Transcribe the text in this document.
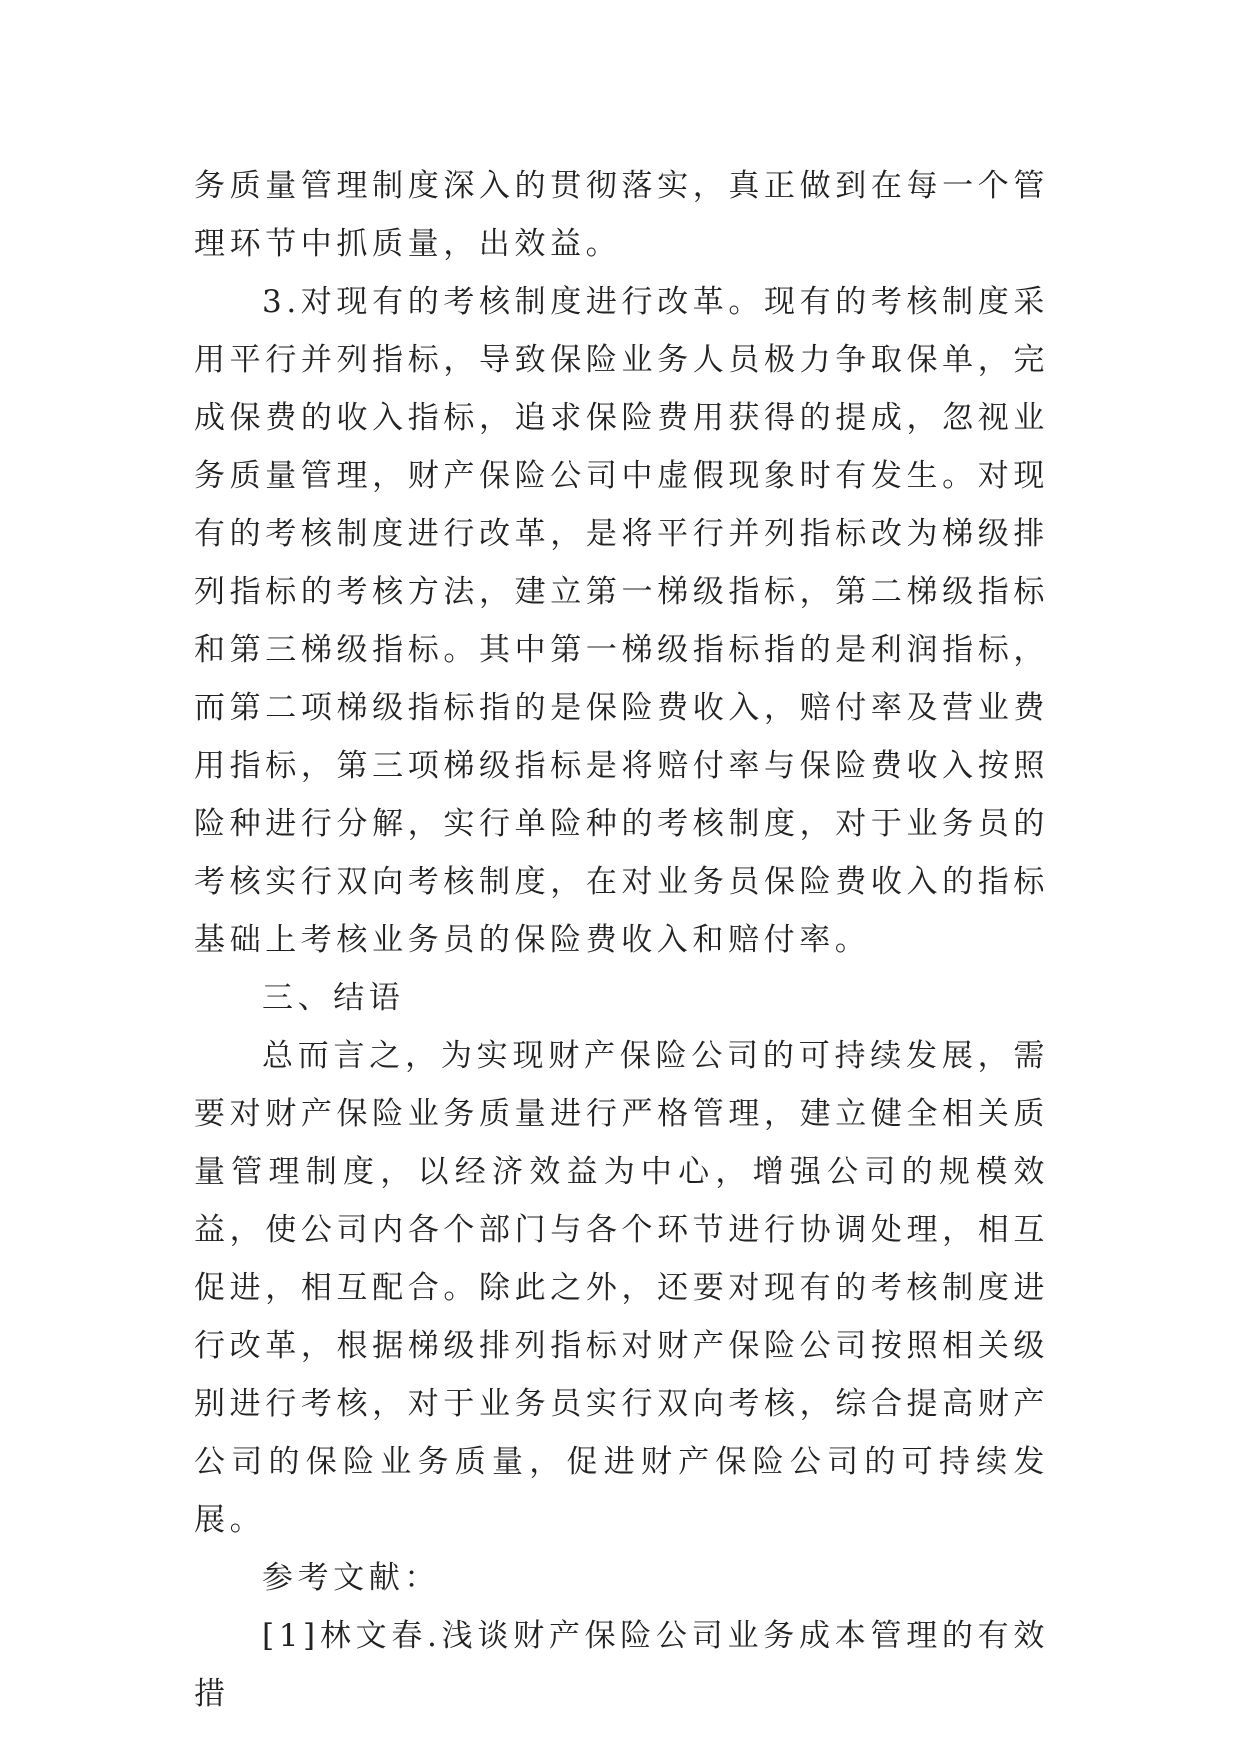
务质量管理制度深入的贯彻落实，真正做到在每一个管理环节中抓质量，出效益。

3.对现有的考核制度进行改革。现有的考核制度采用平行并列指标，导致保险业务人员极力争取保单，完成保费的收入指标，追求保险费用获得的提成，忽视业务质量管理，财产保险公司中虚假现象时有发生。对现有的考核制度进行改革，是将平行并列指标改为梯级排列指标的考核方法，建立第一梯级指标，第二梯级指标和第三梯级指标。其中第一梯级指标指的是利润指标，而第二项梯级指标指的是保险费收入，赔付率及营业费用指标，第三项梯级指标是将赔付率与保险费收入按照险种进行分解，实行单险种的考核制度，对于业务员的考核实行双向考核制度，在对业务员保险费收入的指标基础上考核业务员的保险费收入和赔付率。

三、结语

总而言之，为实现财产保险公司的可持续发展，需要对财产保险业务质量进行严格管理，建立健全相关质量管理制度，以经济效益为中心，增强公司的规模效益，使公司内各个部门与各个环节进行协调处理，相互促进，相互配合。除此之外，还要对现有的考核制度进行改革，根据梯级排列指标对财产保险公司按照相关级别进行考核，对于业务员实行双向考核，综合提高财产公司的保险业务质量，促进财产保险公司的可持续发展。

参考文献：

[1]林文春.浅谈财产保险公司业务成本管理的有效措
